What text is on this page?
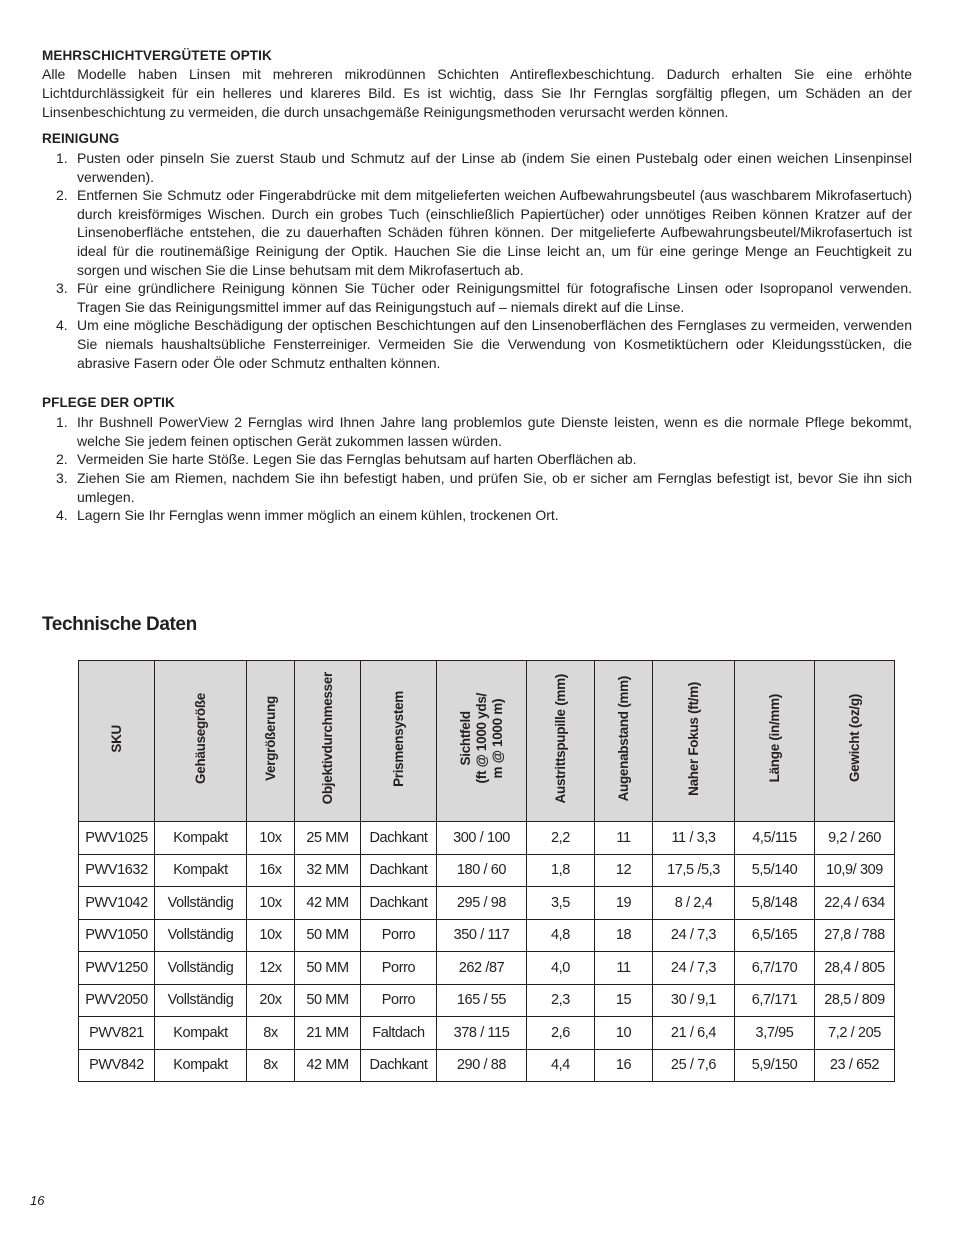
MEHRSCHICHTVERGÜTETE OPTIK

Alle Modelle haben Linsen mit mehreren mikrodünnen Schichten Antireflexbeschichtung. Dadurch erhalten Sie eine erhöhte Lichtdurchlässigkeit für ein helleres und klareres Bild. Es ist wichtig, dass Sie Ihr Fernglas sorgfältig pflegen, um Schäden an der Linsenbeschichtung zu vermeiden, die durch unsachgemäße Reinigungsmethoden verursacht werden können.

REINIGUNG
1. Pusten oder pinseln Sie zuerst Staub und Schmutz auf der Linse ab (indem Sie einen Pustebalg oder einen weichen Linsenpinsel verwenden).
2. Entfernen Sie Schmutz oder Fingerabdrücke mit dem mitgelieferten weichen Aufbewahrungsbeutel (aus waschbarem Mikrofasertuch) durch kreisförmiges Wischen. Durch ein grobes Tuch (einschließlich Papiertücher) oder unnötiges Reiben können Kratzer auf der Linsenoberfläche entstehen, die zu dauerhaften Schäden führen können. Der mitgelieferte Aufbewahrungsbeutel/Mikrofasertuch ist ideal für die routinemäßige Reinigung der Optik. Hauchen Sie die Linse leicht an, um für eine geringe Menge an Feuchtigkeit zu sorgen und wischen Sie die Linse behutsam mit dem Mikrofasertuch ab.
3. Für eine gründlichere Reinigung können Sie Tücher oder Reinigungsmittel für fotografische Linsen oder Isopropanol verwenden. Tragen Sie das Reinigungsmittel immer auf das Reinigungstuch auf – niemals direkt auf die Linse.
4. Um eine mögliche Beschädigung der optischen Beschichtungen auf den Linsenoberflächen des Fernglases zu vermeiden, verwenden Sie niemals haushaltsübliche Fensterreiniger. Vermeiden Sie die Verwendung von Kosmetiktüchern oder Kleidungsstücken, die abrasive Fasern oder Öle oder Schmutz enthalten können.
PFLEGE DER OPTIK
1. Ihr Bushnell PowerView 2 Fernglas wird Ihnen Jahre lang problemlos gute Dienste leisten, wenn es die normale Pflege bekommt, welche Sie jedem feinen optischen Gerät zukommen lassen würden.
2. Vermeiden Sie harte Stöße. Legen Sie das Fernglas behutsam auf harten Oberflächen ab.
3. Ziehen Sie am Riemen, nachdem Sie ihn befestigt haben, und prüfen Sie, ob er sicher am Fernglas befestigt ist, bevor Sie ihn sich umlegen.
4. Lagern Sie Ihr Fernglas wenn immer möglich an einem kühlen, trockenen Ort.
Technische Daten
SKU	Gehäusegröße	Vergrößerung	Objektivdurchmesser	Prismensystem	Sichtfeld (ft @ 1000 yds/ m @ 1000 m)	Austrittspupille (mm)	Augenabstand (mm)	Naher Fokus (ft/m)	Länge (in/mm)	Gewicht (oz/g)

PWV1025	Kompakt	10x	25 MM	Dachkant	300 / 100	2,2	11	11 / 3,3	4,5/115	9,2 / 260
PWV1632	Kompakt	16x	32 MM	Dachkant	180 / 60	1,8	12	17,5 /5,3	5,5/140	10,9/ 309
PWV1042	Vollständig	10x	42 MM	Dachkant	295 / 98	3,5	19	8 / 2,4	5,8/148	22,4 / 634
PWV1050	Vollständig	10x	50 MM	Porro	350 / 117	4,8	18	24 / 7,3	6,5/165	27,8 / 788
PWV1250	Vollständig	12x	50 MM	Porro	262 /87	4,0	11	24 / 7,3	6,7/170	28,4 / 805
PWV2050	Vollständig	20x	50 MM	Porro	165 / 55	2,3	15	30 / 9,1	6,7/171	28,5 / 809
PWV821	Kompakt	8x	21 MM	Faltdach	378 / 115	2,6	10	21 / 6,4	3,7/95	7,2 / 205
PWV842	Kompakt	8x	42 MM	Dachkant	290 / 88	4,4	16	25 / 7,6	5,9/150	23 / 652
16
